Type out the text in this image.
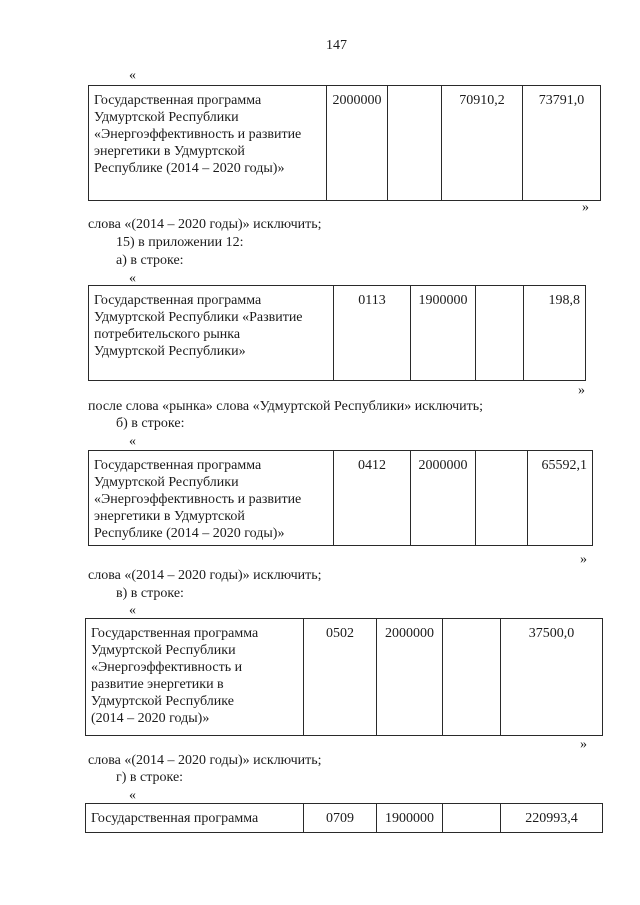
147
«
Государственная программа
Удмуртской Республики
«Энергоэффективность и развитие
энергетики в Удмуртской
Республике (2014 – 2020 годы)»
	2000000		70910,2	73791,0
»
слова «(2014 – 2020 годы)» исключить;
15) в приложении 12:
а) в строке:
«
Государственная программа
Удмуртской Республики «Развитие
потребительского рынка
Удмуртской Республики»
	0113	1900000		198,8
»
после слова «рынка» слова «Удмуртской Республики» исключить;
б) в строке:
«
Государственная программа
Удмуртской Республики
«Энергоэффективность и развитие
энергетики в Удмуртской
Республике (2014 – 2020 годы)»
	0412	2000000		65592,1
»
слова «(2014 – 2020 годы)» исключить;
в) в строке:
«
Государственная программа
Удмуртской Республики
«Энергоэффективность и
развитие энергетики в
Удмуртской Республике
(2014 – 2020 годы)»
	0502	2000000		37500,0
»
слова «(2014 – 2020 годы)» исключить;
г) в строке:
«
Государственная программа	0709	1900000		220993,4
